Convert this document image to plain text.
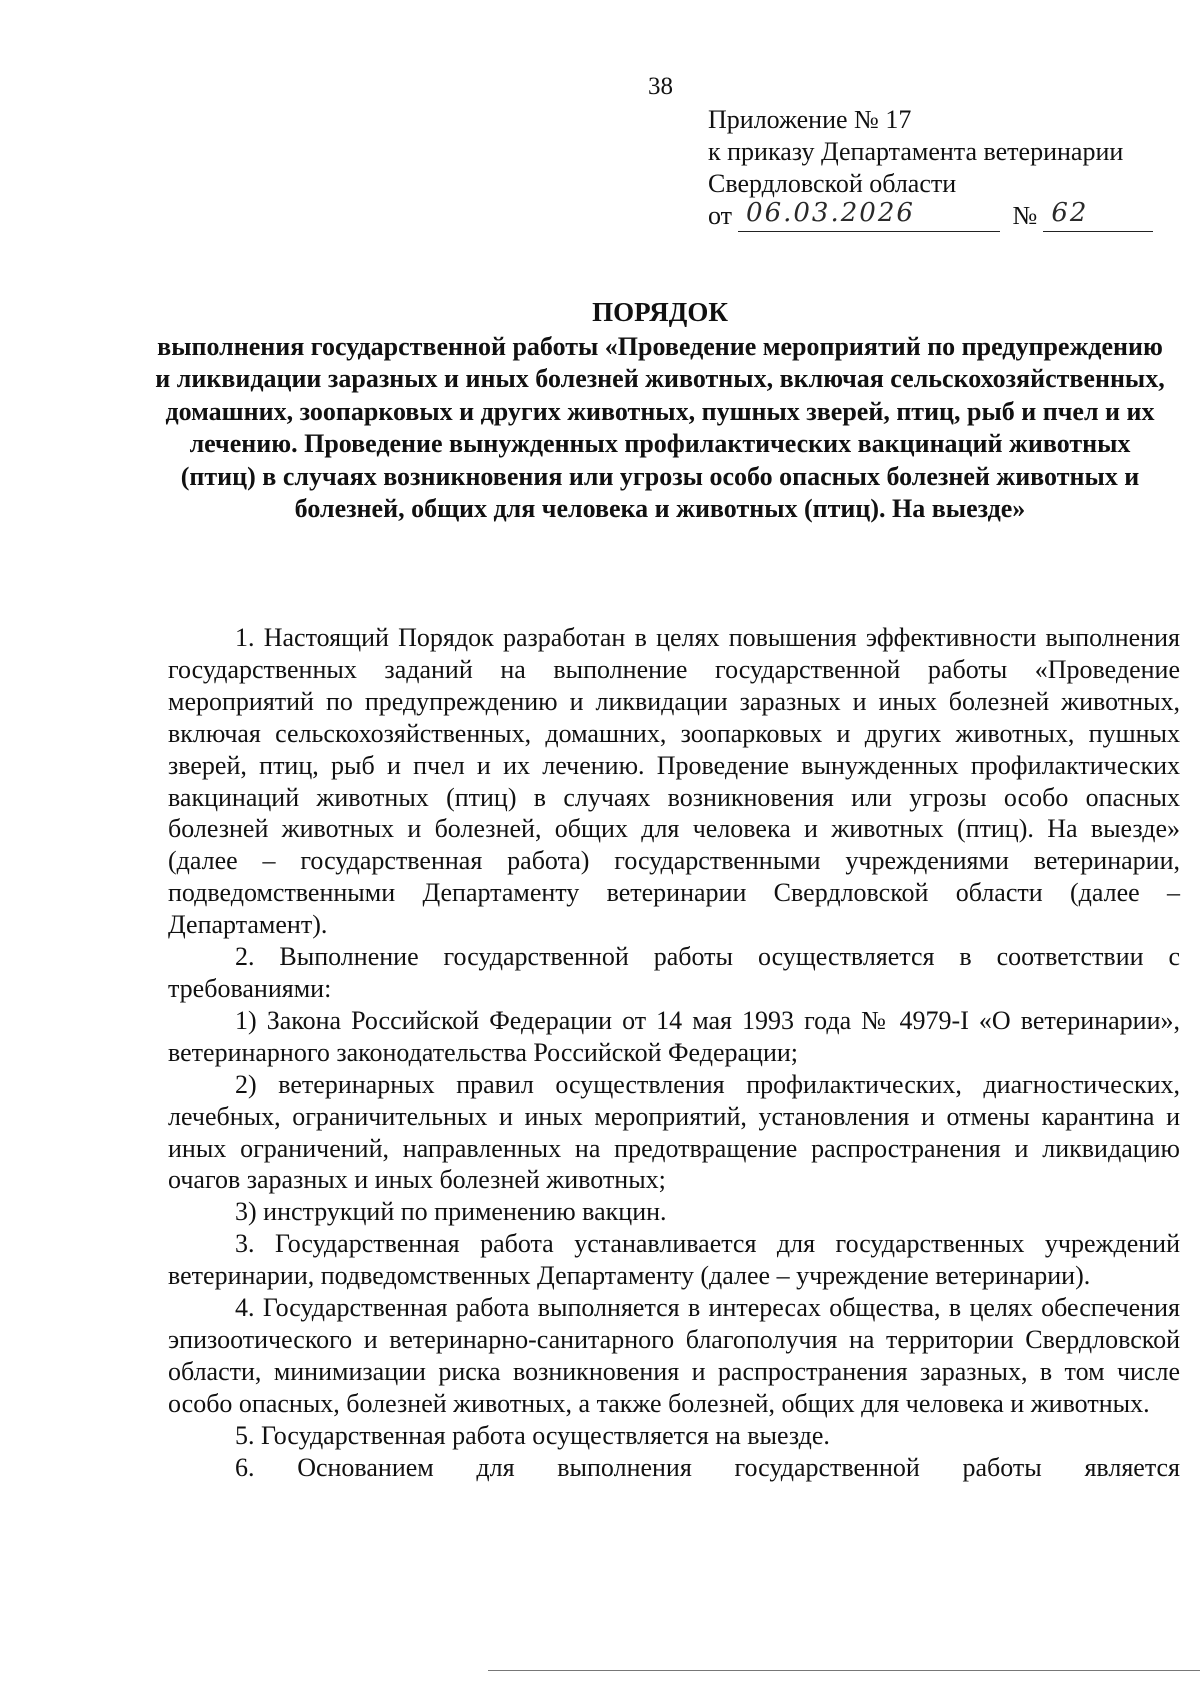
38
Приложение № 17
к приказу Департамента ветеринарии
Свердловской области
от 06.03.2026	№ 62
ПОРЯДОК
выполнения государственной работы «Проведение мероприятий по предупреждению и ликвидации заразных и иных болезней животных, включая сельскохозяйственных, домашних, зоопарковых и других животных, пушных зверей, птиц, рыб и пчел и их лечению. Проведение вынужденных профилактических вакцинаций животных (птиц) в случаях возникновения или угрозы особо опасных болезней животных и болезней, общих для человека и животных (птиц). На выезде»

1. Настоящий Порядок разработан в целях повышения эффективности выполнения государственных заданий на выполнение государственной работы «Проведение мероприятий по предупреждению и ликвидации заразных и иных болезней животных, включая сельскохозяйственных, домашних, зоопарковых и других животных, пушных зверей, птиц, рыб и пчел и их лечению. Проведение вынужденных профилактических вакцинаций животных (птиц) в случаях возникновения или угрозы особо опасных болезней животных и болезней, общих для человека и животных (птиц). На выезде» (далее – государственная работа) государственными учреждениями ветеринарии, подведомственными Департаменту ветеринарии Свердловской области (далее – Департамент).

2. Выполнение государственной работы осуществляется в соответствии с требованиями:

1) Закона Российской Федерации от 14 мая 1993 года № 4979-I «О ветеринарии», ветеринарного законодательства Российской Федерации;

2) ветеринарных правил осуществления профилактических, диагностических, лечебных, ограничительных и иных мероприятий, установления и отмены карантина и иных ограничений, направленных на предотвращение распространения и ликвидацию очагов заразных и иных болезней животных;

3) инструкций по применению вакцин.

3. Государственная работа устанавливается для государственных учреждений ветеринарии, подведомственных Департаменту (далее – учреждение ветеринарии).

4. Государственная работа выполняется в интересах общества, в целях обеспечения эпизоотического и ветеринарно-санитарного благополучия на территории Свердловской области, минимизации риска возникновения и распространения заразных, в том числе особо опасных, болезней животных, а также болезней, общих для человека и животных.

5. Государственная работа осуществляется на выезде.

6. Основанием для выполнения государственной работы является
